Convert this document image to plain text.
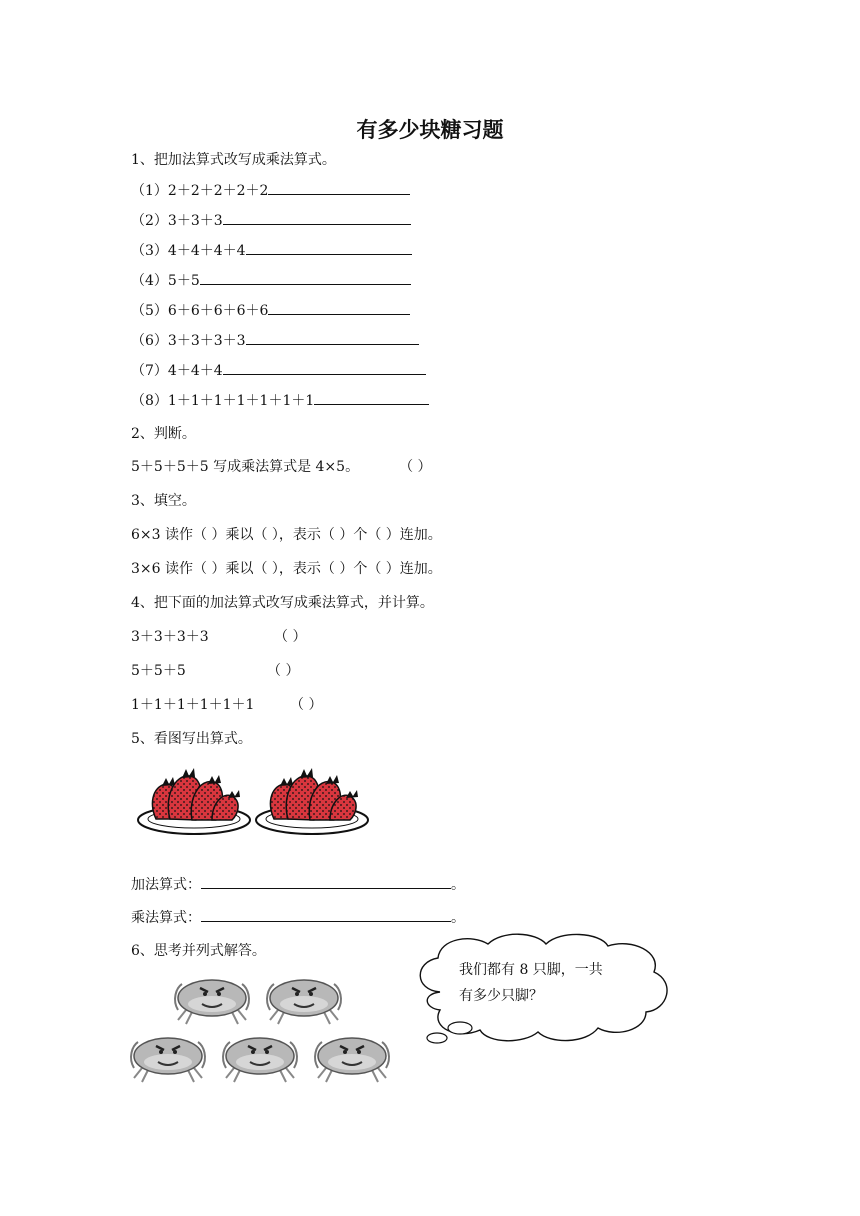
有多少块糖习题
1、把加法算式改写成乘法算式。
（1）2＋2＋2＋2＋2
（2）3＋3＋3
（3）4＋4＋4＋4
（4）5＋5
（5）6＋6＋6＋6＋6
（6）3＋3＋3＋3
（7）4＋4＋4
（8）1＋1＋1＋1＋1＋1＋1
2、判断。
5＋5＋5＋5 写成乘法算式是 4×5。	（ ）
3、填空。
6×3 读作（ ）乘以（ ），表示（ ）个（ ）连加。
3×6 读作（ ）乘以（ ），表示（ ）个（ ）连加。
4、把下面的加法算式改写成乘法算式，并计算。
3＋3＋3＋3	（ ）
5＋5＋5	（ ）
1＋1＋1＋1＋1＋1	（ ）
5、看图写出算式。
加法算式：	。
乘法算式：	。
6、思考并列式解答。
我们都有 8 只脚，一共
有多少只脚？
